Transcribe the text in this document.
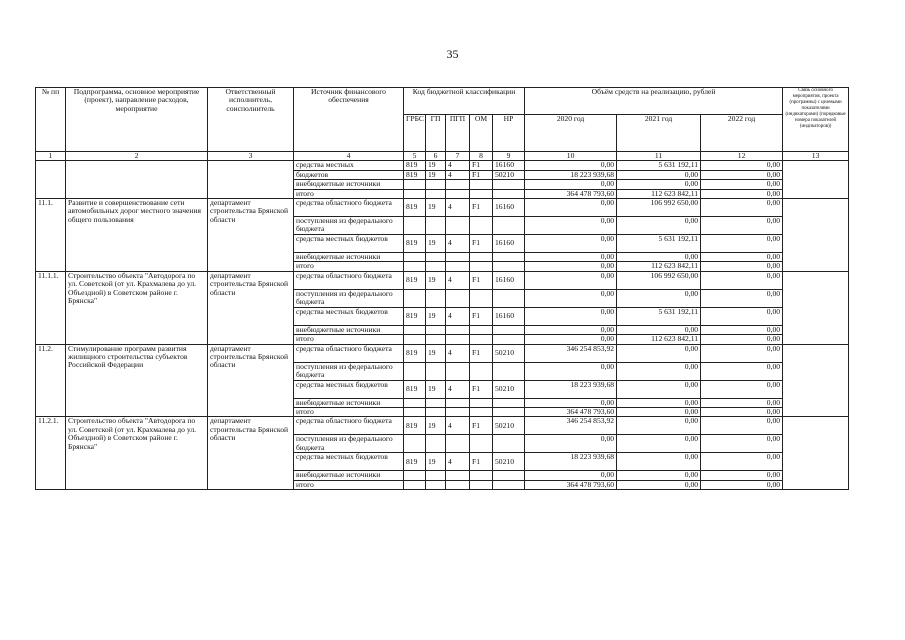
35
№ пп	Подпрограмма, основное мероприятие (проект), направление расходов, мероприятие	Ответственный исполнитель, соисполнитель	Источник финансового обеспечения	Код бюджетной классификации					Объём средств на реализацию, рублей			Связь основного мероприятия, проекта (программы) с целевыми показателями (индикаторами) (порядковые номера показателей (индикаторов))
				ГРБС	ГП	ПГП	ОМ	НР	2020 год	2021 год	2022 год	
1	2	3	4	5	6	7	8	9	10	11	12	13
			средства местных	819	19	4	F1	16160	0,00	5 631 192,11	0,00	
			бюджетов	819	19	4	F1	50210	18 223 939,68	0,00	0,00	
			внебюджетные источники						0,00	0,00	0,00	
			итого						364 478 793,60	112 623 842,11	0,00	
11.1.	Развитие и совершенствование сети автомобильных дорог местного значения общего пользования	департамент строительства Брянской области	средства областного бюджета	819	19	4	F1	16160	0,00	106 992 650,00	0,00	
			поступления из федерального бюджета						0,00	0,00	0,00	
			средства местных бюджетов	819	19	4	F1	16160	0,00	5 631 192,11	0,00	
			внебюджетные источники						0,00	0,00	0,00	
			итого						0,00	112 623 842,11	0,00	
11.1.1.	Строительство объекта "Автодорога по ул. Советской (от ул. Крахмалева до ул. Объездной) в Советском районе г. Брянска"	департамент строительства Брянской области	средства областного бюджета	819	19	4	F1	16160	0,00	106 992 650,00	0,00	
			поступления из федерального бюджета						0,00	0,00	0,00	
			средства местных бюджетов	819	19	4	F1	16160	0,00	5 631 192,11	0,00	
			внебюджетные источники						0,00	0,00	0,00	
			итого						0,00	112 623 842,11	0,00	
11.2.	Стимулирование программ развития жилищного строительства субъектов Российской Федерации	департамент строительства Брянской области	средства областного бюджета	819	19	4	F1	50210	346 254 853,92	0,00	0,00	
			поступления из федерального бюджета						0,00	0,00	0,00	
			средства местных бюджетов	819	19	4	F1	50210	18 223 939,68	0,00	0,00	
			внебюджетные источники						0,00	0,00	0,00	
			итого						364 478 793,60	0,00	0,00	
11.2.1.	Строительство объекта "Автодорога по ул. Советской (от ул. Крахмалева до ул. Объездной) в Советском районе г. Брянска"	департамент строительства Брянской области	средства областного бюджета	819	19	4	F1	50210	346 254 853,92	0,00	0,00	
			поступления из федерального бюджета						0,00	0,00	0,00	
			средства местных бюджетов	819	19	4	F1	50210	18 223 939,68	0,00	0,00	
			внебюджетные источники						0,00	0,00	0,00	
			итого						364 478 793,60	0,00	0,00	
